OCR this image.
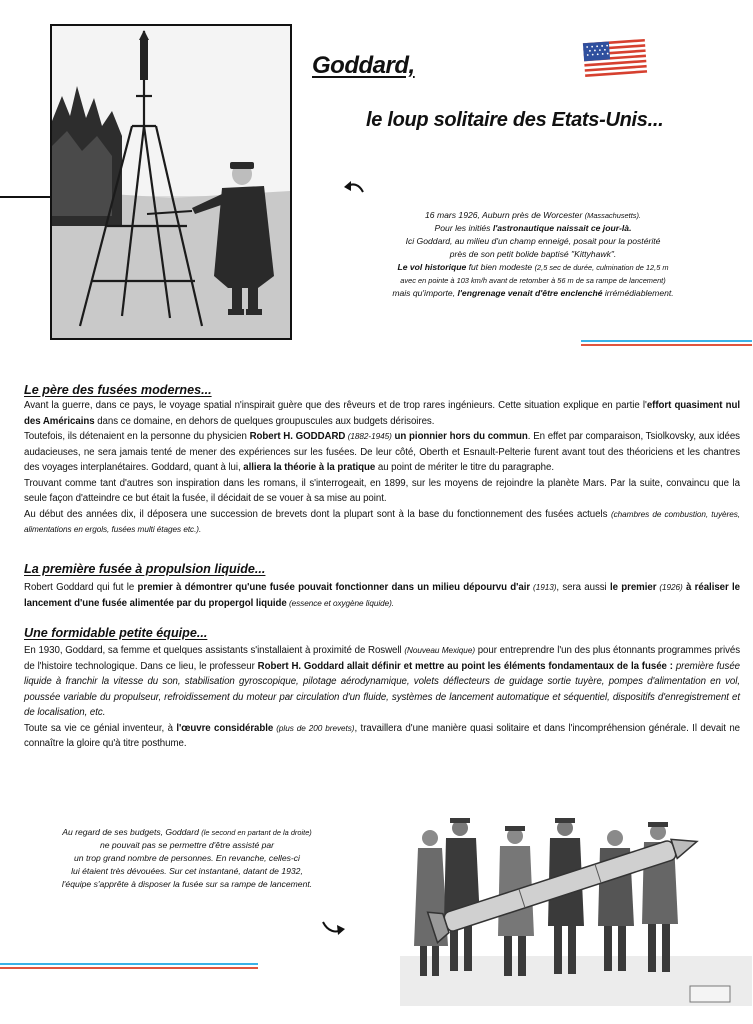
Goddard,
le loup solitaire des Etats-Unis...
16 mars 1926, Auburn près de Worcester (Massachusetts).
Pour les initiés l'astronautique naissait ce jour-là.
Ici Goddard, au milieu d'un champ enneigé, posait pour la postérité
près de son petit bolide baptisé "Kittyhawk".
Le vol historique fut bien modeste (2,5 sec de durée, culmination de 12,5 m
avec en pointe à 103 km/h avant de retomber à 56 m de sa rampe de lancement)
mais qu'importe, l'engrenage venait d'être enclenché irrémédiablement.
Le père des fusées modernes...
Avant la guerre, dans ce pays, le voyage spatial n'inspirait guère que des rêveurs et de trop rares ingénieurs. Cette situation explique en partie l'effort quasiment nul des Américains dans ce domaine, en dehors de quelques groupuscules aux budgets dérisoires.
Toutefois, ils détenaient en la personne du physicien Robert H. GODDARD (1882-1945) un pionnier hors du commun. En effet par comparaison, Tsiolkovsky, aux idées audacieuses, ne sera jamais tenté de mener des expériences sur les fusées. De leur côté, Oberth et Esnault-Pelterie furent avant tout des théoriciens et les chantres des voyages interplanétaires. Goddard, quant à lui, alliera la théorie à la pratique au point de mériter le titre du paragraphe.
Trouvant comme tant d'autres son inspiration dans les romans, il s'interrogeait, en 1899, sur les moyens de rejoindre la planète Mars. Par la suite, convaincu que la seule façon d'atteindre ce but était la fusée, il décidait de se vouer à sa mise au point.
Au début des années dix, il déposera une succession de brevets dont la plupart sont à la base du fonctionnement des fusées actuels (chambres de combustion, tuyères, alimentations en ergols, fusées multi étages etc.).
La première fusée à propulsion liquide...
Robert Goddard qui fut le premier à démontrer qu'une fusée pouvait fonctionner dans un milieu dépourvu d'air (1913), sera aussi le premier (1926) à réaliser le lancement d'une fusée alimentée par du propergol liquide (essence et oxygène liquide).
Une formidable petite équipe...
En 1930, Goddard, sa femme et quelques assistants s'installaient à proximité de Roswell (Nouveau Mexique) pour entreprendre l'un des plus étonnants programmes privés de l'histoire technologique. Dans ce lieu, le professeur Robert H. Goddard allait définir et mettre au point les éléments fondamentaux de la fusée : première fusée liquide à franchir la vitesse du son, stabilisation gyroscopique, pilotage aérodynamique, volets déflecteurs de guidage sortie tuyère, pompes d'alimentation en vol, poussée variable du propulseur, refroidissement du moteur par circulation d'un fluide, systèmes de lancement automatique et séquentiel, dispositifs d'enregistrement et de localisation, etc.
Toute sa vie ce génial inventeur, à l'œuvre considérable (plus de 200 brevets), travaillera d'une manière quasi solitaire et dans l'incompréhension générale. Il devait ne connaître la gloire qu'à titre posthume.
Au regard de ses budgets, Goddard (le second en partant de la droite)
ne pouvait pas se permettre d'être assisté par
un trop grand nombre de personnes. En revanche, celles-ci
lui étaient très dévouées. Sur cet instantané, datant de 1932,
l'équipe s'apprête à disposer la fusée sur sa rampe de lancement.
